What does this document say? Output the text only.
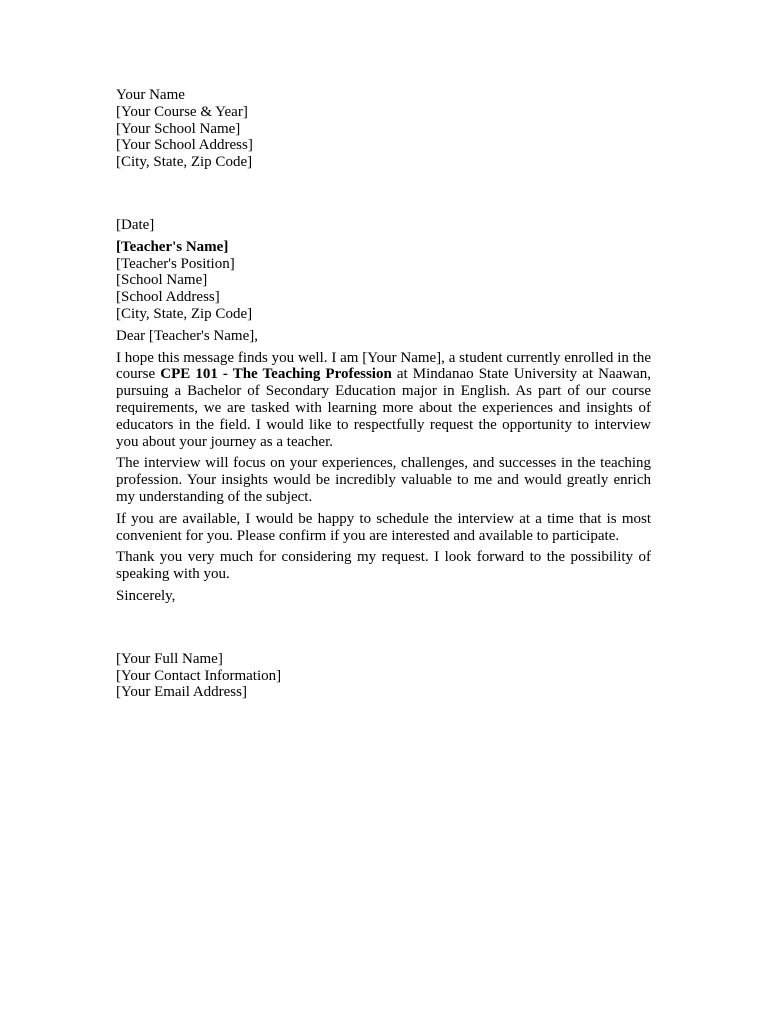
Your Name

[Your Course & Year]

[Your School Name]

[Your School Address]

[City, State, Zip Code]

[Date]

[Teacher's Name]

[Teacher's Position]

[School Name]

[School Address]

[City, State, Zip Code]

Dear [Teacher's Name],

I hope this message finds you well. I am [Your Name], a student currently enrolled in the course CPE 101 - The Teaching Profession at Mindanao State University at Naawan, pursuing a Bachelor of Secondary Education major in English. As part of our course requirements, we are tasked with learning more about the experiences and insights of educators in the field. I would like to respectfully request the opportunity to interview you about your journey as a teacher.

The interview will focus on your experiences, challenges, and successes in the teaching profession. Your insights would be incredibly valuable to me and would greatly enrich my understanding of the subject.

If you are available, I would be happy to schedule the interview at a time that is most convenient for you. Please confirm if you are interested and available to participate.

Thank you very much for considering my request. I look forward to the possibility of speaking with you.

Sincerely,

[Your Full Name]

[Your Contact Information]

[Your Email Address]
